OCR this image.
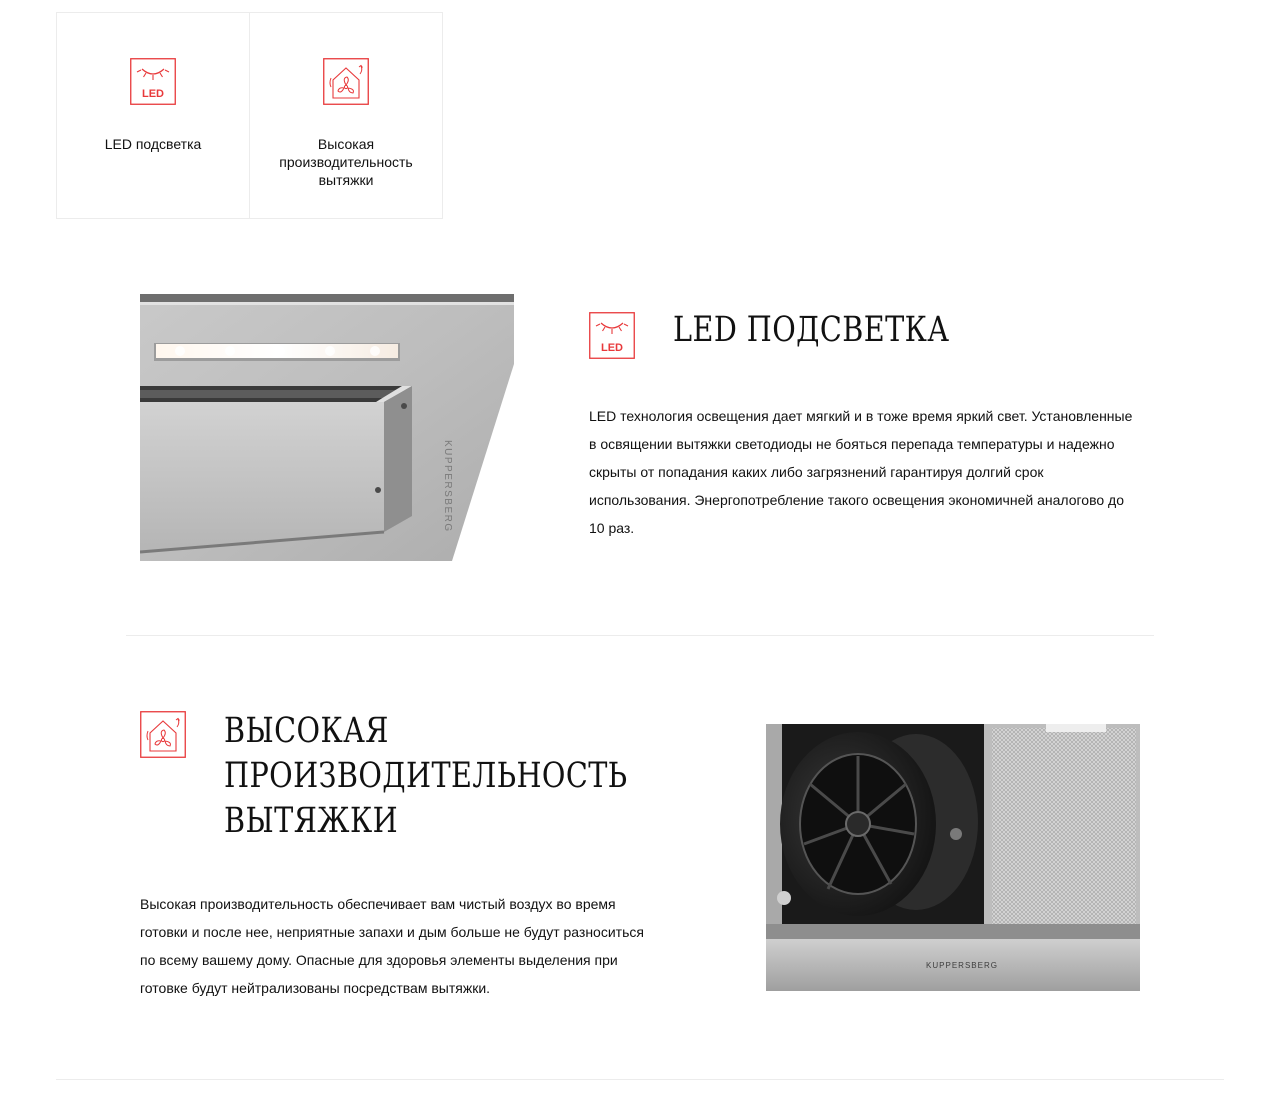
LED
LED подсветка	Высокая производительность вытяжки
KUPPERSBERG
LED LED ПОДСВЕТКА

LED технология освещения дает мягкий и в тоже время яркий свет. Установленные в освящении вытяжки светодиоды не бояться перепада температуры и надежно скрыты от попадания каких либо загрязнений гарантируя долгий срок использования. Энергопотребление такого освещения экономичней аналогово до 10 раз.

ВЫСОКАЯ ПРОИЗВОДИТЕЛЬНОСТЬ ВЫТЯЖКИ

Высокая производительность обеспечивает вам чистый воздух во время готовки и после нее, неприятные запахи и дым больше не будут разноситься по всему вашему дому. Опасные для здоровья элементы выделения при готовке будут нейтрализованы посредствам вытяжки.

KUPPERSBERG
